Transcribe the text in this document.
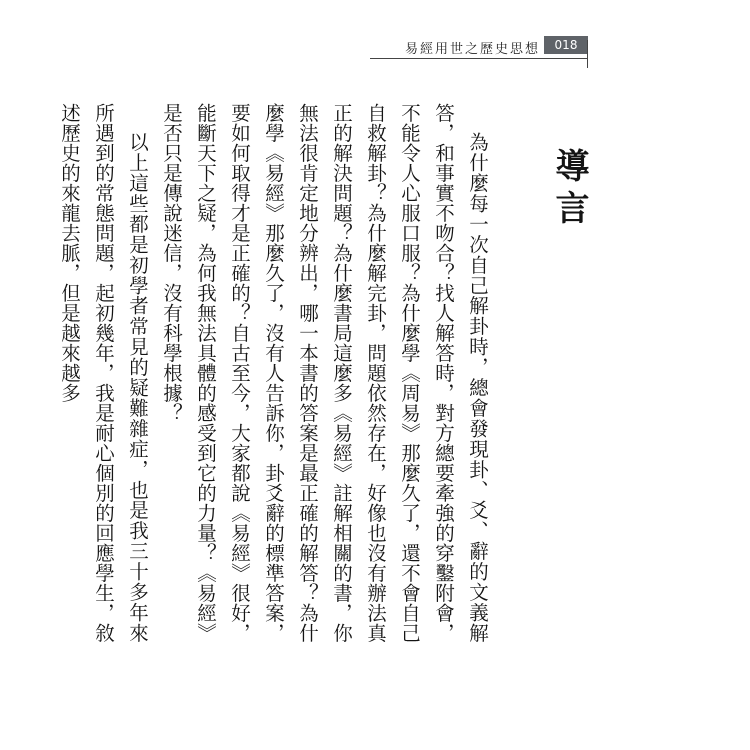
易經用世之歷史思想	018
導言

為什麼每一次自己解卦時，總會發現卦、爻、辭的文義解答，和事實不吻合？找人解答時，對方總要牽強的穿鑿附會，不能令人心服口服？為什麼學《周易》那麼久了，還不會自己自救解卦？為什麼解完卦，問題依然存在，好像也沒有辦法真正的解決問題？為什麼書局這麼多《易經》註解相關的書，你無法很肯定地分辨出，哪一本書的答案是最正確的解答？為什麼學《易經》那麼久了，沒有人告訴你，卦爻辭的標準答案，要如何取得才是正確的？自古至今，大家都說《易經》很好，能斷天下之疑，為何我無法具體的感受到它的力量？《易經》是否只是傳說迷信，沒有科學根據？

以上這些都是初學者常見的疑難雜症，也是我三十多年來所遇到的常態問題，起初幾年，我是耐心個別的回應學生，敘述歷史的來龍去脈，但是越來越多
